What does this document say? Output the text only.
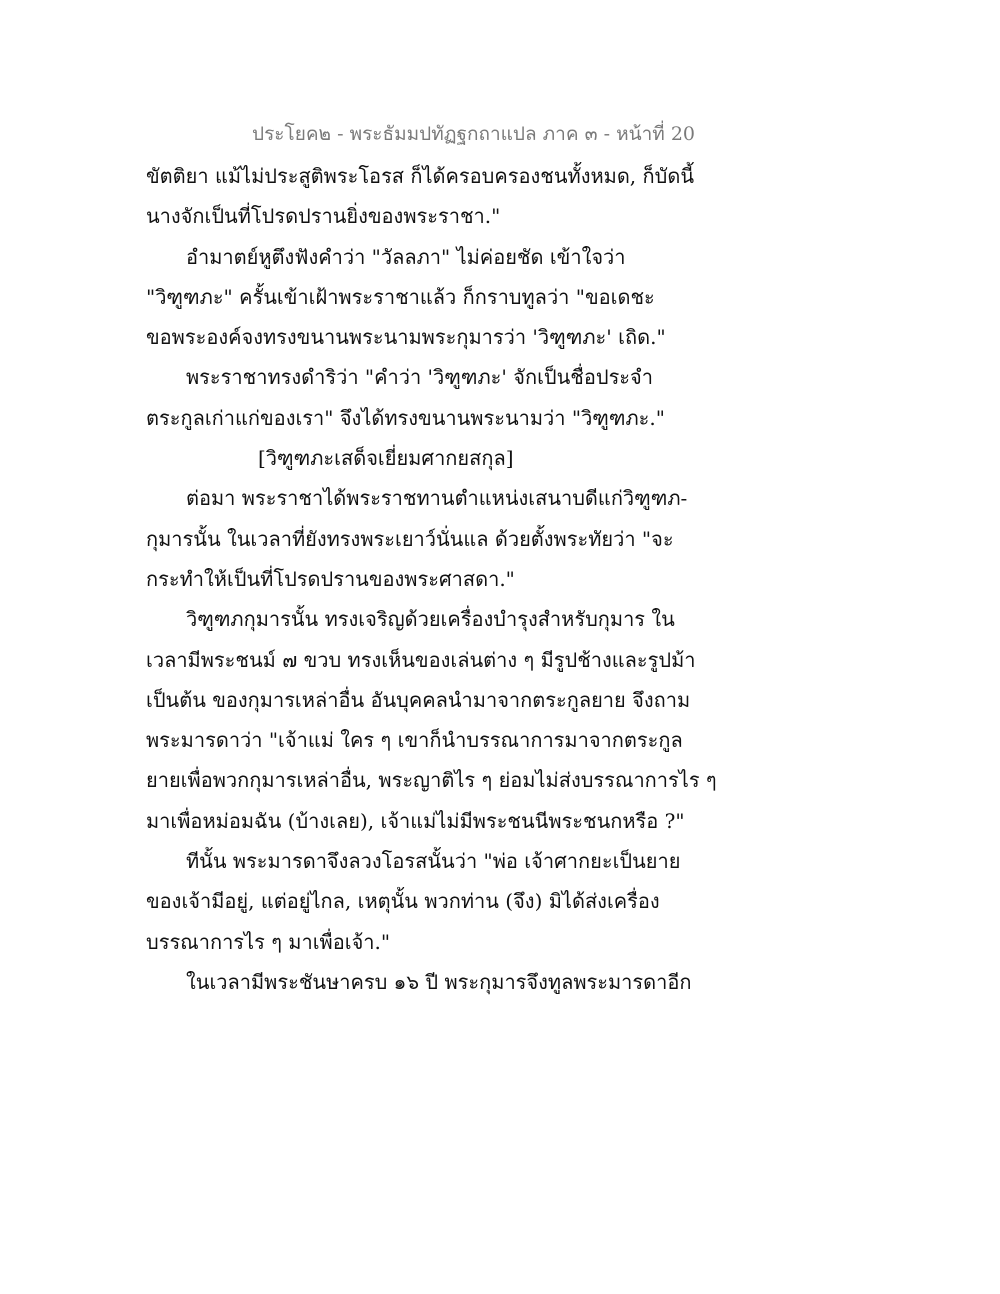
ประโยค๒ - พระธัมมปทัฏฐกถาแปล ภาค ๓ - หน้าที่ 20
ขัตติยา แม้ไม่ประสูติพระโอรส ก็ได้ครอบครองชนทั้งหมด, ก็บัดนี้
นางจักเป็นที่โปรดปรานยิ่งของพระราชา."
อำมาตย์หูตึงฟังคำว่า "วัลลภา" ไม่ค่อยชัด เข้าใจว่า
"วิฑูฑภะ" ครั้นเข้าเฝ้าพระราชาแล้ว ก็กราบทูลว่า "ขอเดชะ
ขอพระองค์จงทรงขนานพระนามพระกุมารว่า 'วิฑูฑภะ' เถิด."
พระราชาทรงดำริว่า "คำว่า 'วิฑูฑภะ' จักเป็นชื่อประจำ
ตระกูลเก่าแก่ของเรา" จึงได้ทรงขนานพระนามว่า "วิฑูฑภะ."
[วิฑูฑภะเสด็จเยี่ยมศากยสกุล]
ต่อมา พระราชาได้พระราชทานตำแหน่งเสนาบดีแก่วิฑูฑภ-
กุมารนั้น ในเวลาที่ยังทรงพระเยาว์นั่นแล ด้วยตั้งพระทัยว่า "จะ
กระทำให้เป็นที่โปรดปรานของพระศาสดา."
วิฑูฑภกุมารนั้น ทรงเจริญด้วยเครื่องบำรุงสำหรับกุมาร ใน
เวลามีพระชนม์ ๗ ขวบ ทรงเห็นของเล่นต่าง ๆ มีรูปช้างและรูปม้า
เป็นต้น ของกุมารเหล่าอื่น อันบุคคลนำมาจากตระกูลยาย จึงถาม
พระมารดาว่า "เจ้าแม่ ใคร ๆ เขาก็นำบรรณาการมาจากตระกูล
ยายเพื่อพวกกุมารเหล่าอื่น, พระญาติไร ๆ ย่อมไม่ส่งบรรณาการไร ๆ
มาเพื่อหม่อมฉัน (บ้างเลย), เจ้าแม่ไม่มีพระชนนีพระชนกหรือ ?"
ทีนั้น พระมารดาจึงลวงโอรสนั้นว่า "พ่อ เจ้าศากยะเป็นยาย
ของเจ้ามีอยู่, แต่อยู่ไกล, เหตุนั้น พวกท่าน (จึง) มิได้ส่งเครื่อง
บรรณาการไร ๆ มาเพื่อเจ้า."
ในเวลามีพระชันษาครบ ๑๖ ปี พระกุมารจึงทูลพระมารดาอีก
